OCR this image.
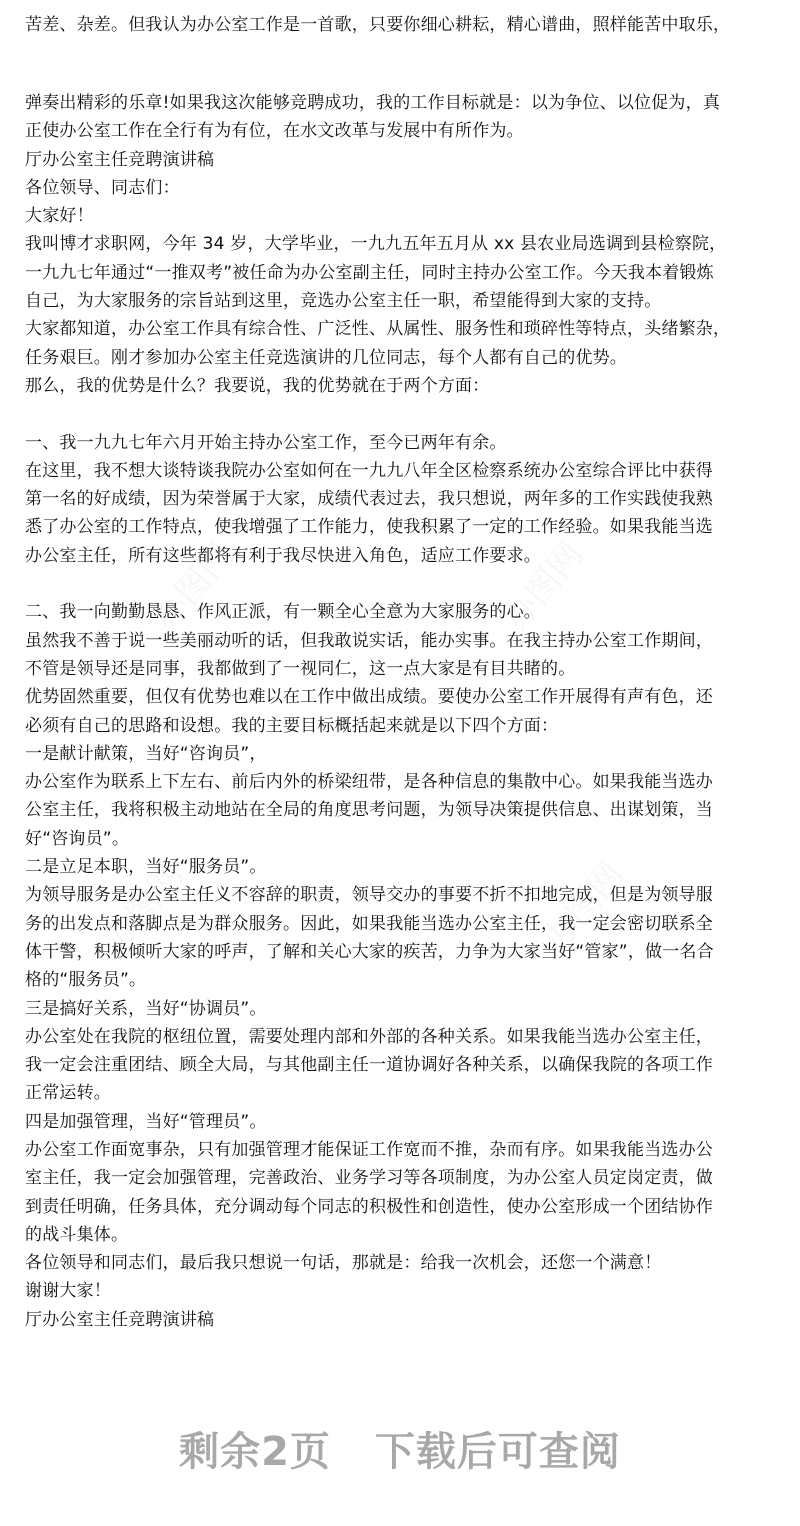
苦差、杂差。但我认为办公室工作是一首歌，只要你细心耕耘，精心谱曲，照样能苦中取乐，
弹奏出精彩的乐章!如果我这次能够竞聘成功，我的工作目标就是：以为争位、以位促为，真
正使办公室工作在全行有为有位，在水文改革与发展中有所作为。
厅办公室主任竞聘演讲稿
各位领导、同志们：
大家好！
我叫博才求职网，今年 34 岁，大学毕业，一九九五年五月从 xx 县农业局选调到县检察院，
一九九七年通过“一推双考”被任命为办公室副主任，同时主持办公室工作。今天我本着锻炼
自己，为大家服务的宗旨站到这里，竞选办公室主任一职，希望能得到大家的支持。
大家都知道，办公室工作具有综合性、广泛性、从属性、服务性和琐碎性等特点，头绪繁杂，
任务艰巨。刚才参加办公室主任竞选演讲的几位同志，每个人都有自己的优势。
那么，我的优势是什么？我要说，我的优势就在于两个方面：
一、我一九九七年六月开始主持办公室工作，至今已两年有余。
在这里，我不想大谈特谈我院办公室如何在一九九八年全区检察系统办公室综合评比中获得
第一名的好成绩，因为荣誉属于大家，成绩代表过去，我只想说，两年多的工作实践使我熟
悉了办公室的工作特点，使我增强了工作能力，使我积累了一定的工作经验。如果我能当选
办公室主任，所有这些都将有利于我尽快进入角色，适应工作要求。
二、我一向勤勤恳恳、作风正派，有一颗全心全意为大家服务的心。
虽然我不善于说一些美丽动听的话，但我敢说实话，能办实事。在我主持办公室工作期间，
不管是领导还是同事，我都做到了一视同仁，这一点大家是有目共睹的。
优势固然重要，但仅有优势也难以在工作中做出成绩。要使办公室工作开展得有声有色，还
必须有自己的思路和设想。我的主要目标概括起来就是以下四个方面：
一是献计献策，当好“咨询员”，
办公室作为联系上下左右、前后内外的桥梁纽带，是各种信息的集散中心。如果我能当选办
公室主任，我将积极主动地站在全局的角度思考问题，为领导决策提供信息、出谋划策，当
好“咨询员”。
二是立足本职，当好“服务员”。
为领导服务是办公室主任义不容辞的职责，领导交办的事要不折不扣地完成，但是为领导服
务的出发点和落脚点是为群众服务。因此，如果我能当选办公室主任，我一定会密切联系全
体干警，积极倾听大家的呼声，了解和关心大家的疾苦，力争为大家当好“管家”，做一名合
格的“服务员”。
三是搞好关系，当好“协调员”。
办公室处在我院的枢纽位置，需要处理内部和外部的各种关系。如果我能当选办公室主任，
我一定会注重团结、顾全大局，与其他副主任一道协调好各种关系，以确保我院的各项工作
正常运转。
四是加强管理，当好“管理员”。
办公室工作面宽事杂，只有加强管理才能保证工作宽而不推，杂而有序。如果我能当选办公
室主任，我一定会加强管理，完善政治、业务学习等各项制度，为办公室人员定岗定责，做
到责任明确，任务具体，充分调动每个同志的积极性和创造性，使办公室形成一个团结协作
的战斗集体。
各位领导和同志们，最后我只想说一句话，那就是：给我一次机会，还您一个满意！
谢谢大家！
厅办公室主任竞聘演讲稿
剩余2页 下载后可查阅
